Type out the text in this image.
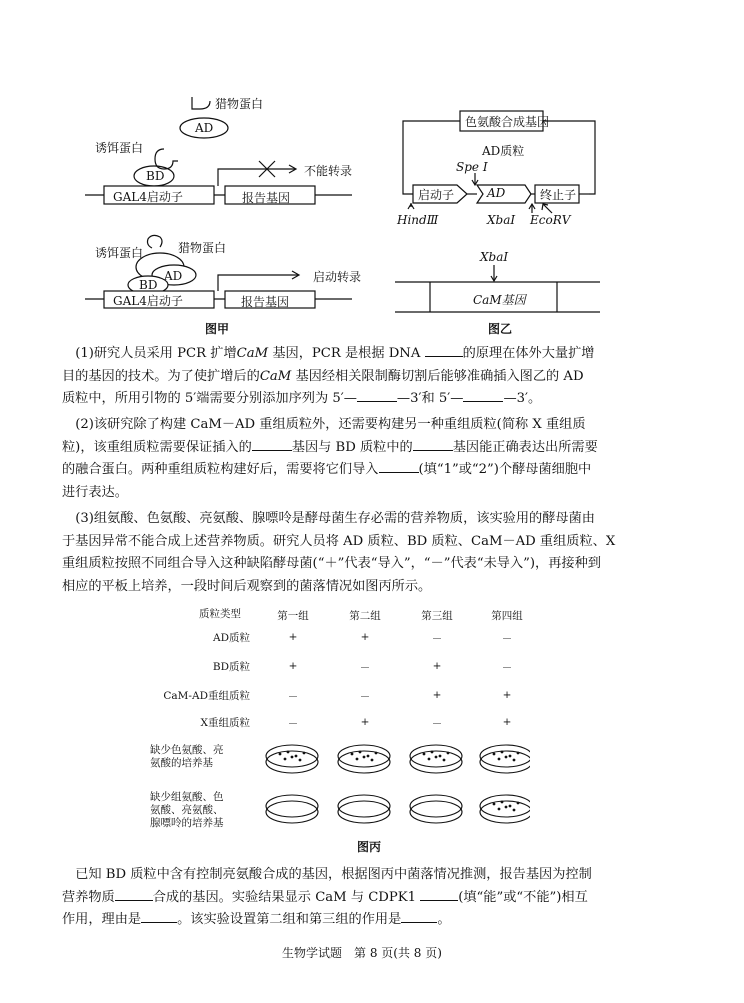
猎物蛋白
AD
诱饵蛋白
BD
GAL4启动子	报告基因
不能转录
诱饵蛋白	猎物蛋白
AD
BD
GAL4启动子	报告基因
启动转录
图甲
色氨酸合成基因
AD质粒
Spe Ⅰ
启动子	AD	终止子
HindⅢ	XbaⅠ EcoRⅤ
XbaⅠ
CaM基因
图乙
 (1)研究人员采用 PCR 扩增CaM 基因，PCR 是根据 DNA	的原理在体外大量扩增
目的基因的技术。为了使扩增后的CaM 基因经相关限制酶切割后能够准确插入图乙的 AD
质粒中，所用引物的 5′端需要分别添加序列为 5′—	—3′和 5′—	—3′。
 (2)该研究除了构建 CaM－AD 重组质粒外，还需要构建另一种重组质粒(简称 X 重组质
粒)，该重组质粒需要保证插入的	基因与 BD 质粒中的	基因能正确表达出所需要
的融合蛋白。两种重组质粒构建好后，需要将它们导入	(填“1”或“2”)个酵母菌细胞中
进行表达。
 (3)组氨酸、色氨酸、亮氨酸、腺嘌呤是酵母菌生存必需的营养物质，该实验用的酵母菌由
于基因异常不能合成上述营养物质。研究人员将 AD 质粒、BD 质粒、CaM－AD 重组质粒、X
重组质粒按照不同组合导入这种缺陷酵母菌(“＋”代表“导入”，“－”代表“未导入”)，再接种到
相应的平板上培养，一段时间后观察到的菌落情况如图丙所示。
质粒类型	第一组	第二组	第三组	第四组
AD质粒	+	+	－	－
BD质粒	+	－	+	－
CaM-AD重组质粒	－	－	+	+
X重组质粒	－	+	－	+
缺少色氨酸、亮
氨酸的培养基
缺少组氨酸、色
氨酸、亮氨酸、
腺嘌呤的培养基
图丙
 已知 BD 质粒中含有控制亮氨酸合成的基因，根据图丙中菌落情况推测，报告基因为控制
营养物质	合成的基因。实验结果显示 CaM 与 CDPK1	(填“能”或“不能”)相互
作用，理由是	。该实验设置第二组和第三组的作用是	。
生物学试题　第 8 页(共 8 页)
